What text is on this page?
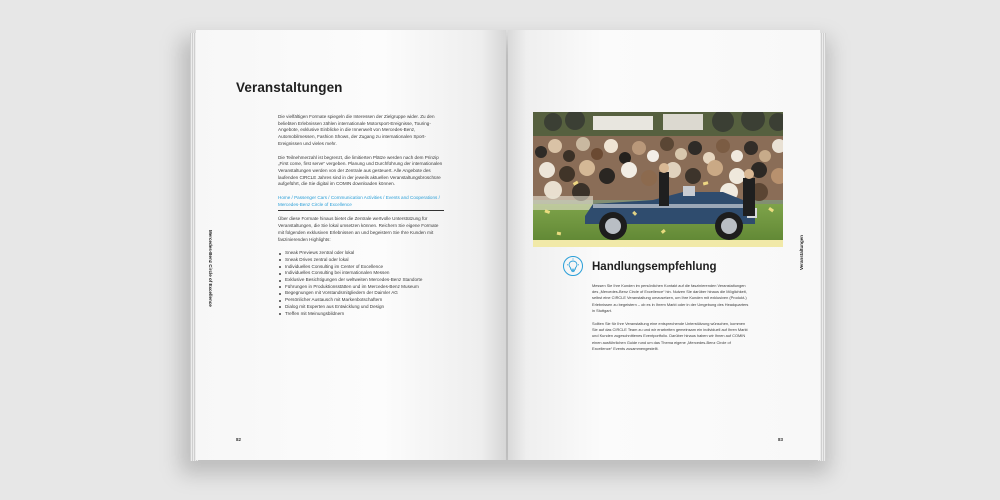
Mercedes-Benz Circle of Excellence
Veranstaltungen

Die vielfältigen Formate spiegeln die Interessen der Zielgruppe wider. Zu den beliebten Erlebnissen zählen internationale Motorsport-Ereignisse, Touring-Angebote, exklusive Einblicke in die Innenwelt von Mercedes-Benz, Automobilmessen, Fashion Shows, der Zugang zu internationalen Sport-Ereignissen und vieles mehr.

Die Teilnehmerzahl ist begrenzt, die limitierten Plätze werden nach dem Prinzip „First come, first serve“ vergeben. Planung und Durchführung der internationalen Veranstaltungen werden von der Zentrale aus gesteuert. Alle Angebote des laufenden CIRCLE Jahres sind in der jeweils aktuellen Veranstaltungsbroschüre aufgeführt, die Sie digital im COMIN downloaden können.

Home / Passenger Cars / Communication Activities / Events and Cooperations / Mercedes-Benz Circle of Excellence

Über diese Formate hinaus bietet die Zentrale wertvolle Unterstützung für Veranstaltungen, die Sie lokal umsetzen können. Reichern Sie eigene Formate mit folgenden exklusiven Erlebnissen an und begeistern Sie Ihre Kunden mit faszinierenden Highlights:

Sneak Previews zentral oder lokal
Sneak Drives zentral oder lokal
Individuelles Consulting im Center of Excellence
Individuelles Consulting bei internationalen Messen
Exklusive Besichtigungen der weltweiten Mercedes-Benz Standorte
Führungen in Produktionsstätten und im Mercedes-Benz Museum
Begegnungen mit Vorstandsmitgliedern der Daimler AG
Persönlicher Austausch mit Markenbotschaftern
Dialog mit Experten aus Entwicklung und Design
Treffen mit Meinungsbildnern
82
Veranstaltungen
Handlungsempfehlung

Messen Sie Ihre Kunden im persönlichen Kontakt auf die faszinierenden Veranstaltungen des „Mercedes-Benz Circle of Excellence“ hin. Nutzen Sie darüber hinaus die Möglichkeit, selbst eine CIRCLE Veranstaltung umzusetzen, um Ihre Kunden mit exklusiven (Produkt-) Erlebnissen zu begeistern – ob es in Ihrem Markt oder in der Umgebung des Headquarters in Stuttgart.

Sollten Sie für Ihre Veranstaltung eine entsprechende Unterstützung wünschen, kommen Sie auf das CIRCLE Team zu und wir erarbeiten gemeinsam ein individuell auf Ihren Markt und Kunden zugeschnittenes Eventportfolio. Darüber hinaus haben wir Ihnen auf COMIN einen ausführlichen Guide rund um das Thema eigene „Mercedes-Benz Circle of Excellence“ Events zusammengestellt.

83
